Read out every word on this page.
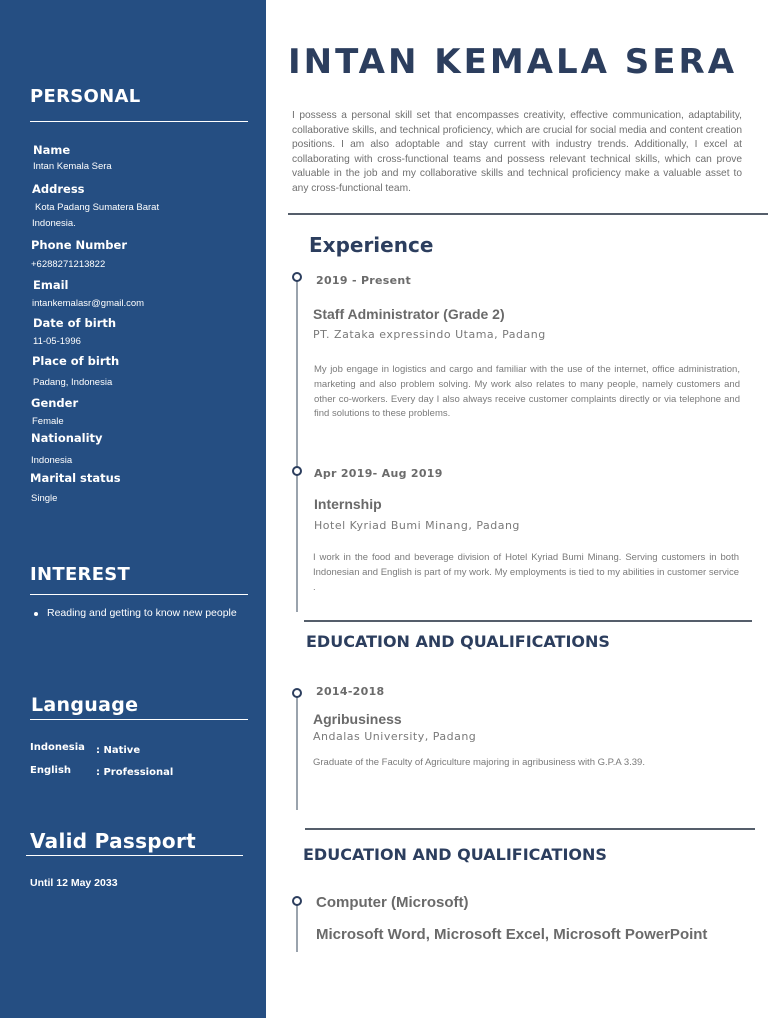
PERSONAL
Name
Intan Kemala Sera
Address
Kota Padang Sumatera Barat
Indonesia.
Phone Number
+6288271213822
Email
intankemalasr@gmail.com
Date of birth
11-05-1996
Place of birth
Padang, Indonesia
Gender
Female
Nationality
Indonesia
Marital status
Single
INTEREST
Reading and getting to know new people
Language
Indonesia : Native
English : Professional
Valid Passport
Until 12 May 2033
INTAN KEMALA SERA
I possess a personal skill set that encompasses creativity, effective communication, adaptability, collaborative skills, and technical proficiency, which are crucial for social media and content creation positions. I am also adoptable and stay current with industry trends. Additionally, I excel at collaborating with cross-functional teams and possess relevant technical skills, which can prove valuable in the job and my collaborative skills and technical proficiency make a valuable asset to any cross-functional team.
Experience
2019 - Present
Staff Administrator (Grade 2)
PT. Zataka expressindo Utama, Padang
My job engage in logistics and cargo and familiar with the use of the internet, office administration, marketing and also problem solving. My work also relates to many people, namely customers and other co-workers. Every day I also always receive customer complaints directly or via telephone and find solutions to these problems.
Apr 2019- Aug 2019
Internship
Hotel Kyriad Bumi Minang, Padang
I work in the food and beverage division of Hotel Kyriad Bumi Minang. Serving customers in both Indonesian and English is part of my work. My employments is tied to my abilities in customer service .
EDUCATION AND QUALIFICATIONS
2014-2018
Agribusiness
Andalas University, Padang
Graduate of the Faculty of Agriculture majoring in agribusiness with G.P.A 3.39.
EDUCATION AND QUALIFICATIONS
Computer (Microsoft)
Microsoft Word, Microsoft Excel, Microsoft PowerPoint
